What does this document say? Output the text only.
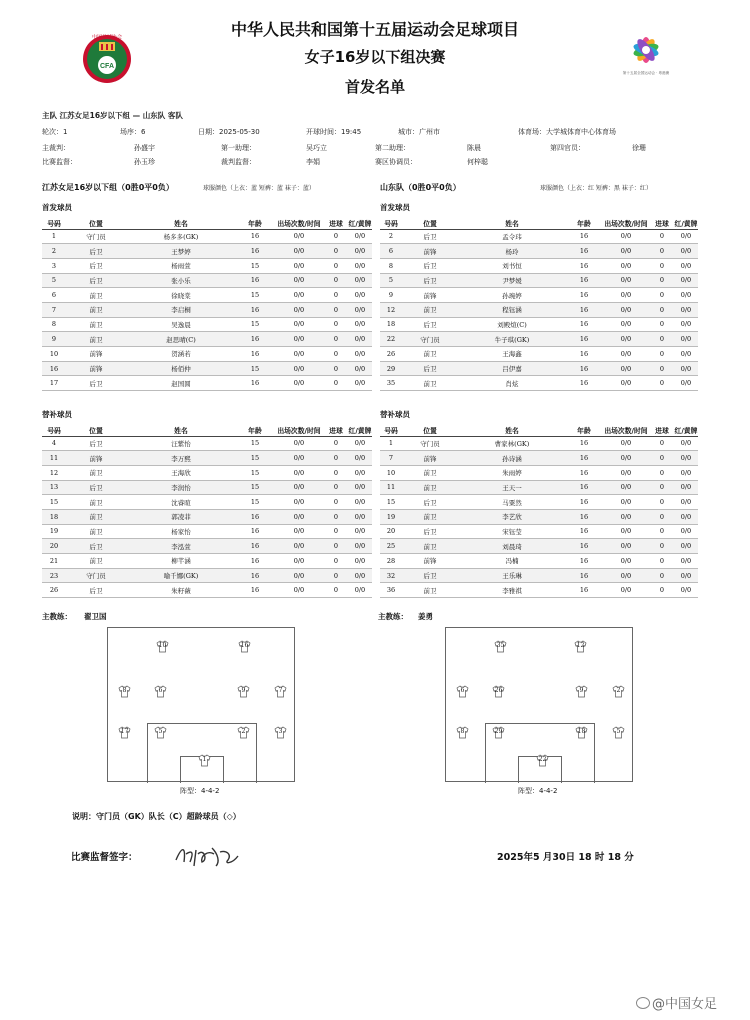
CFA
中国足球协会
第十五届全国运动会 · 粤港澳
中华人民共和国第十五届运动会足球项目
女子16岁以下组决赛
首发名单
主队 江苏女足16岁以下组 — 山东队 客队
轮次：1	场序：6	日期：2025-05-30	开球时间：19:45	城市：广州市	体育场：大学城体育中心体育场
主裁判：	孙盛宇	第一助理：	吴巧立	第二助理：	陈晨	第四官员：	徐珊
比赛监督：	孙玉珍	裁判监督：	李娟	赛区协调员：	何梓聪
江苏女足16岁以下组（0胜0平0负）	球服颜色（上衣：蓝 短裤：蓝 袜子：蓝）	山东队（0胜0平0负）	球服颜色（上衣：红 短裤：黑 袜子：红）
首发球员	首发球员
号码	位置	姓名	年龄	出场次数/时间	进球	红/黄牌
1	守门员	杨多多(GK)	16	0/0	0	0/0
2	后卫	王梦婷	16	0/0	0	0/0
3	后卫	杨雨萱	15	0/0	0	0/0
5	后卫	张小乐	16	0/0	0	0/0
6	前卫	徐晓棠	15	0/0	0	0/0
7	前卫	李启桐	16	0/0	0	0/0
8	前卫	吴逸晨	15	0/0	0	0/0
9	前卫	赵思晴(C)	16	0/0	0	0/0
10	前锋	贺涵若	16	0/0	0	0/0
16	前锋	杨佰仲	15	0/0	0	0/0
17	后卫	赵国圆	16	0/0	0	0/0
号码	位置	姓名	年龄	出场次数/时间	进球	红/黄牌
2	后卫	孟令玮	16	0/0	0	0/0
6	前锋	杨玲	16	0/0	0	0/0
8	后卫	刘书恒	16	0/0	0	0/0
5	后卫	尹梦媛	16	0/0	0	0/0
9	前锋	孙琬婷	16	0/0	0	0/0
12	前卫	程钰涵	16	0/0	0	0/0
18	后卫	刘殿煊(C)	16	0/0	0	0/0
22	守门员	牛子琪(GK)	16	0/0	0	0/0
26	前卫	王海鑫	16	0/0	0	0/0
29	后卫	吕伊嘉	16	0/0	0	0/0
35	前卫	肖炫	16	0/0	0	0/0
替补球员	替补球员
号码	位置	姓名	年龄	出场次数/时间	进球	红/黄牌
4	后卫	汪紫怡	15	0/0	0	0/0
11	前锋	李万熙	15	0/0	0	0/0
12	前卫	王海欣	15	0/0	0	0/0
13	后卫	李润怡	15	0/0	0	0/0
15	前卫	沈睿暄	15	0/0	0	0/0
18	前卫	郭凌菲	16	0/0	0	0/0
19	前卫	杨家怡	16	0/0	0	0/0
20	后卫	李泓萱	16	0/0	0	0/0
21	前卫	柳芊涵	16	0/0	0	0/0
23	守门员	喻千娜(GK)	16	0/0	0	0/0
26	后卫	朱籽薇	16	0/0	0	0/0
号码	位置	姓名	年龄	出场次数/时间	进球	红/黄牌
1	守门员	曹家林(GK)	16	0/0	0	0/0
7	前锋	孙诗涵	16	0/0	0	0/0
10	前卫	朱雨婷	16	0/0	0	0/0
11	前卫	王天一	16	0/0	0	0/0
15	后卫	马粟然	16	0/0	0	0/0
19	前卫	李艺欣	16	0/0	0	0/0
20	后卫	宋钰莹	16	0/0	0	0/0
25	前卫	刘晨琦	16	0/0	0	0/0
28	前锋	冯楠	16	0/0	0	0/0
32	后卫	王乐琳	16	0/0	0	0/0
36	前卫	李雅祺	16	0/0	0	0/0
主教练： 翟卫国	主教练： 姜勇
10	16
8	6	9	7
17	5	2	3
1
35	12
6	26	9	2
8	29	18	5
22
阵型：4-4-2	阵型：4-4-2
说明：守门员（GK）队长（C）超龄球员（◇）
比赛监督签字：	2025年5 月30日 18 时 18 分
@中国女足
